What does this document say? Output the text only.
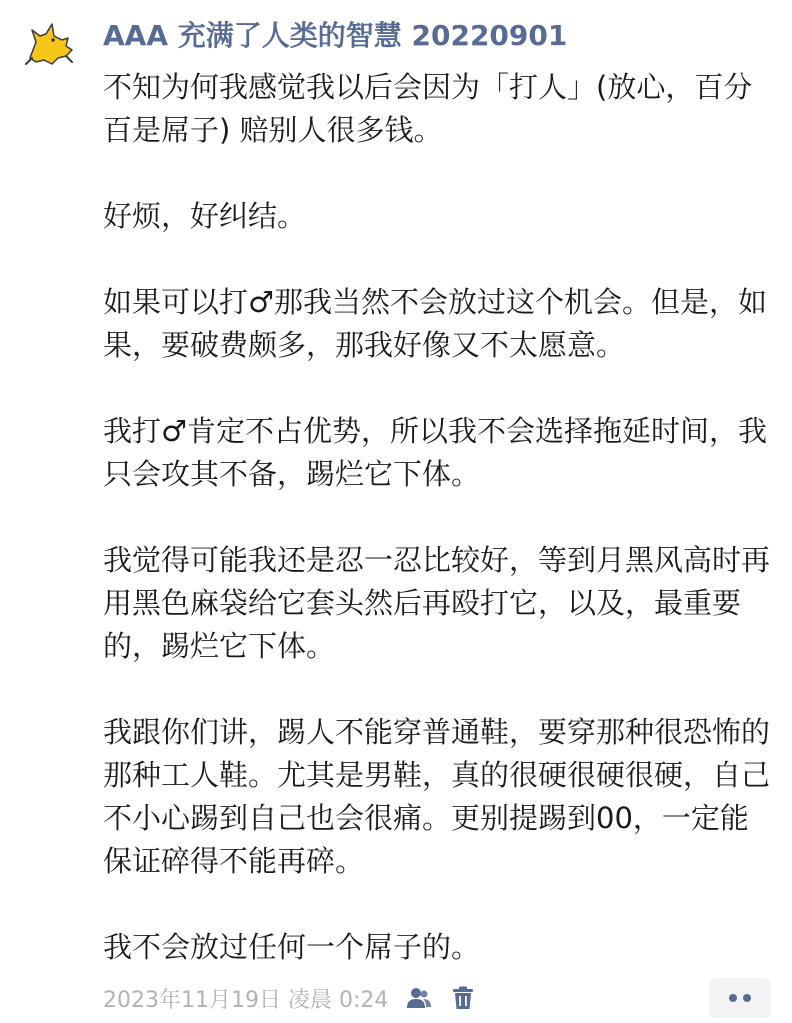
AAA 充满了人类的智慧 20220901

不知为何我感觉我以后会因为「打人」(放心，百分百是屌子) 赔别人很多钱。

好烦，好纠结。

如果可以打♂那我当然不会放过这个机会。但是，如果，要破费颇多，那我好像又不太愿意。

我打♂肯定不占优势，所以我不会选择拖延时间，我只会攻其不备，踢烂它下体。

我觉得可能我还是忍一忍比较好，等到月黑风高时再用黑色麻袋给它套头然后再殴打它，以及，最重要的，踢烂它下体。

我跟你们讲，踢人不能穿普通鞋，要穿那种很恐怖的那种工人鞋。尤其是男鞋，真的很硬很硬很硬，自己不小心踢到自己也会很痛。更别提踢到00，一定能保证碎得不能再碎。

我不会放过任何一个屌子的。

2023年11月19日 凌晨 0:24
